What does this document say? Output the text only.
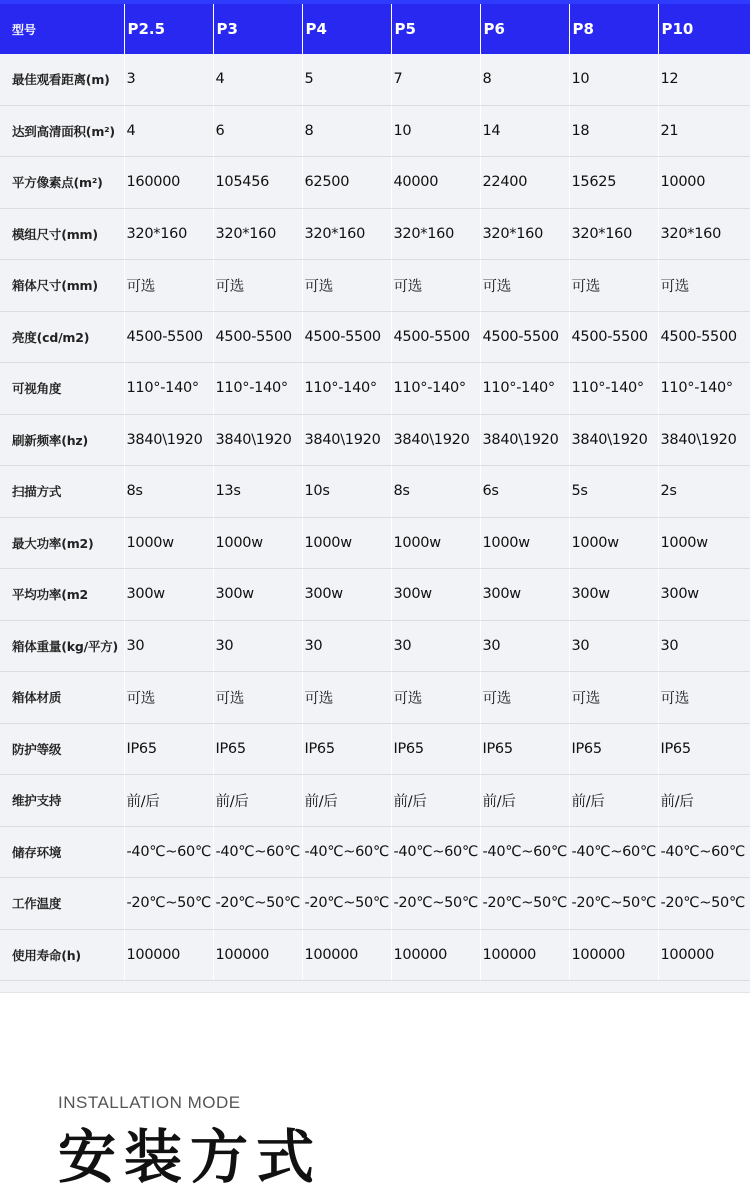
型号	P2.5	P3	P4	P5	P6	P8	P10
最佳观看距离(m)	3	4	5	7	8	10	12
达到高清面积(m²)	4	6	8	10	14	18	21
平方像素点(m²)	160000	105456	62500	40000	22400	15625	10000
模组尺寸(mm)	320*160	320*160	320*160	320*160	320*160	320*160	320*160
箱体尺寸(mm)	可选	可选	可选	可选	可选	可选	可选
亮度(cd/m2)	4500-5500	4500-5500	4500-5500	4500-5500	4500-5500	4500-5500	4500-5500
可视角度	110°-140°	110°-140°	110°-140°	110°-140°	110°-140°	110°-140°	110°-140°
刷新频率(hz)	3840\1920	3840\1920	3840\1920	3840\1920	3840\1920	3840\1920	3840\1920
扫描方式	8s	13s	10s	8s	6s	5s	2s
最大功率(m2)	1000w	1000w	1000w	1000w	1000w	1000w	1000w
平均功率(m2	300w	300w	300w	300w	300w	300w	300w
箱体重量(kg/平方)	30	30	30	30	30	30	30
箱体材质	可选	可选	可选	可选	可选	可选	可选
防护等级	IP65	IP65	IP65	IP65	IP65	IP65	IP65
维护支持	前/后	前/后	前/后	前/后	前/后	前/后	前/后
储存环境	-40℃~60℃	-40℃~60℃	-40℃~60℃	-40℃~60℃	-40℃~60℃	-40℃~60℃	-40℃~60℃
工作温度	-20℃~50℃	-20℃~50℃	-20℃~50℃	-20℃~50℃	-20℃~50℃	-20℃~50℃	-20℃~50℃
使用寿命(h)	100000	100000	100000	100000	100000	100000	100000
INSTALLATION MODE
安装方式
